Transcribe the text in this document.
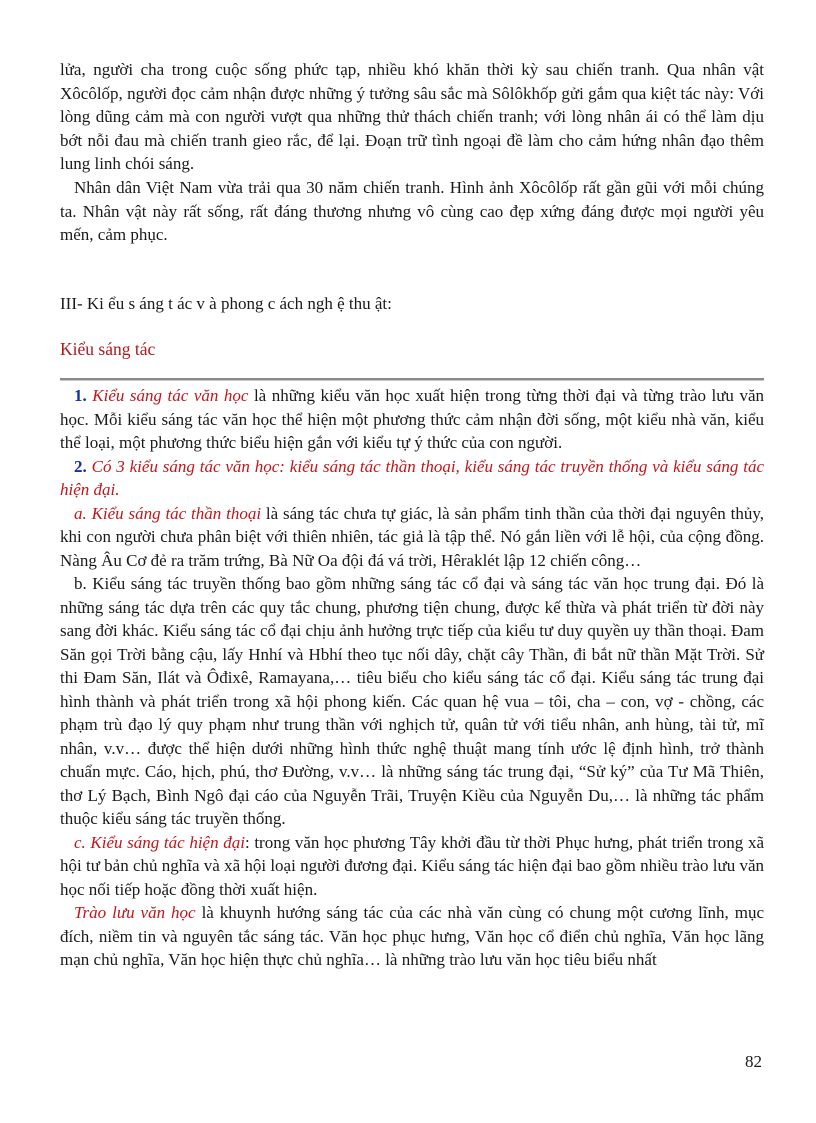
lửa, người cha trong cuộc sống phức tạp, nhiều khó khăn thời kỳ sau chiến tranh. Qua nhân vật Xôcôlốp, người đọc cảm nhận được những ý tưởng sâu sắc mà Sôlôkhốp gửi gắm qua kiệt tác này: Với lòng dũng cảm mà con người vượt qua những thử thách chiến tranh; với lòng nhân ái có thể làm dịu bớt nỗi đau mà chiến tranh gieo rắc, để lại. Đoạn trữ tình ngoại đề làm cho cảm hứng nhân đạo thêm lung linh chói sáng.

Nhân dân Việt Nam vừa trải qua 30 năm chiến tranh. Hình ảnh Xôcôlốp rất gần gũi với mỗi chúng ta. Nhân vật này rất sống, rất đáng thương nhưng vô cùng cao đẹp xứng đáng được mọi người yêu mến, cảm phục.

III- Ki ểu s áng t ác v à phong c ách ngh ệ thu ật:
Kiểu sáng tác

1. Kiểu sáng tác văn học là những kiểu văn học xuất hiện trong từng thời đại và từng trào lưu văn học. Mỗi kiểu sáng tác văn học thể hiện một phương thức cảm nhận đời sống, một kiểu nhà văn, kiểu thể loại, một phương thức biểu hiện gắn với kiểu tự ý thức của con người.

2. Có 3 kiểu sáng tác văn học: kiểu sáng tác thần thoại, kiểu sáng tác truyền thống và kiểu sáng tác hiện đại.

a. Kiểu sáng tác thần thoại là sáng tác chưa tự giác, là sản phẩm tinh thần của thời đại nguyên thủy, khi con người chưa phân biệt với thiên nhiên, tác giả là tập thể. Nó gắn liền với lễ hội, của cộng đồng. Nàng Âu Cơ đẻ ra trăm trứng, Bà Nữ Oa đội đá vá trời, Hêraklét lập 12 chiến công…

b. Kiểu sáng tác truyền thống bao gồm những sáng tác cổ đại và sáng tác văn học trung đại. Đó là những sáng tác dựa trên các quy tắc chung, phương tiện chung, được kế thừa và phát triển từ đời này sang đời khác. Kiểu sáng tác cổ đại chịu ảnh hưởng trực tiếp của kiểu tư duy quyền uy thần thoại. Đam Săn gọi Trời bằng cậu, lấy Hnhí và Hbhí theo tục nối dây, chặt cây Thần, đi bắt nữ thần Mặt Trời. Sử thi Đam Săn, Ilát và Ôđixê, Ramayana,… tiêu biểu cho kiểu sáng tác cổ đại. Kiểu sáng tác trung đại hình thành và phát triển trong xã hội phong kiến. Các quan hệ vua – tôi, cha – con, vợ - chồng, các phạm trù đạo lý quy phạm như trung thần với nghịch tử, quân tử với tiểu nhân, anh hùng, tài tử, mĩ nhân, v.v… được thể hiện dưới những hình thức nghệ thuật mang tính ước lệ định hình, trở thành chuẩn mực. Cáo, hịch, phú, thơ Đường, v.v… là những sáng tác trung đại, “Sử ký” của Tư Mã Thiên, thơ Lý Bạch, Bình Ngô đại cáo của Nguyễn Trãi, Truyện Kiều của Nguyễn Du,… là những tác phẩm thuộc kiểu sáng tác truyền thống.

c. Kiểu sáng tác hiện đại: trong văn học phương Tây khởi đầu từ thời Phục hưng, phát triển trong xã hội tư bản chủ nghĩa và xã hội loại người đương đại. Kiểu sáng tác hiện đại bao gồm nhiều trào lưu văn học nối tiếp hoặc đồng thời xuất hiện.

Trào lưu văn học là khuynh hướng sáng tác của các nhà văn cùng có chung một cương lĩnh, mục đích, niềm tin và nguyên tắc sáng tác. Văn học phục hưng, Văn học cổ điển chủ nghĩa, Văn học lãng mạn chủ nghĩa, Văn học hiện thực chủ nghĩa… là những trào lưu văn học tiêu biểu nhất

82
